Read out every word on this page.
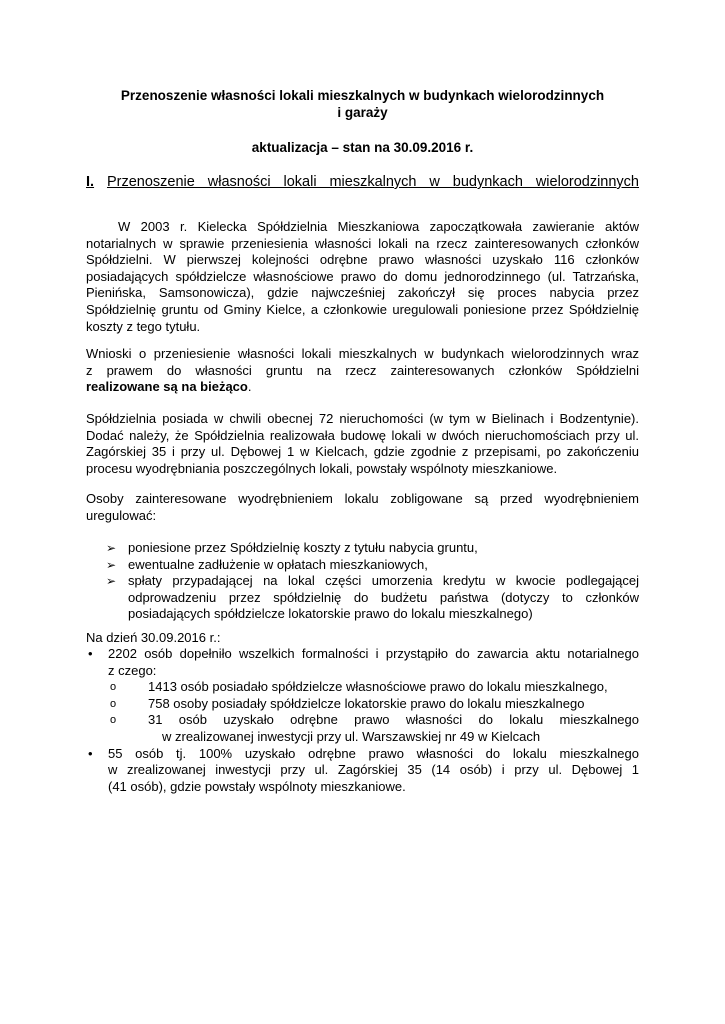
Przenoszenie własności lokali mieszkalnych w budynkach wielorodzinnych
i garaży
aktualizacja – stan na 30.09.2016 r.
I. Przenoszenie własności lokali mieszkalnych w budynkach wielorodzinnych
W 2003 r. Kielecka Spółdzielnia Mieszkaniowa zapoczątkowała zawieranie aktów
notarialnych w sprawie przeniesienia własności lokali na rzecz zainteresowanych członków
Spółdzielni. W pierwszej kolejności odrębne prawo własności uzyskało 116 członków
posiadających spółdzielcze własnościowe prawo do domu jednorodzinnego (ul. Tatrzańska,
Pienińska, Samsonowicza), gdzie najwcześniej zakończył się proces nabycia przez
Spółdzielnię gruntu od Gminy Kielce, a członkowie uregulowali poniesione przez Spółdzielnię
koszty z tego tytułu.
Wnioski o przeniesienie własności lokali mieszkalnych w budynkach wielorodzinnych wraz
z prawem do własności gruntu na rzecz zainteresowanych członków Spółdzielni
realizowane są na bieżąco.
Spółdzielnia posiada w chwili obecnej 72 nieruchomości (w tym w Bielinach i Bodzentynie).
Dodać należy, że Spółdzielnia realizowała budowę lokali w dwóch nieruchomościach przy ul.
Zagórskiej 35 i przy ul. Dębowej 1 w Kielcach, gdzie zgodnie z przepisami, po zakończeniu
procesu wyodrębniania poszczególnych lokali, powstały wspólnoty mieszkaniowe.
Osoby zainteresowane wyodrębnieniem lokalu zobligowane są przed wyodrębnieniem
uregulować:
➢ poniesione przez Spółdzielnię koszty z tytułu nabycia gruntu,
➢ ewentualne zadłużenie w opłatach mieszkaniowych,
➢ spłaty przypadającej na lokal części umorzenia kredytu w kwocie podlegającej
odprowadzeniu przez spółdzielnię do budżetu państwa (dotyczy to członków
posiadających spółdzielcze lokatorskie prawo do lokalu mieszkalnego)
Na dzień 30.09.2016 r.:
• 2202 osób dopełniło wszelkich formalności i przystąpiło do zawarcia aktu notarialnego
z czego:
o 1413 osób posiadało spółdzielcze własnościowe prawo do lokalu mieszkalnego,
o 758 osoby posiadały spółdzielcze lokatorskie prawo do lokalu mieszkalnego
o 31 osób uzyskało odrębne prawo własności do lokalu mieszkalnego
w zrealizowanej inwestycji przy ul. Warszawskiej nr 49 w Kielcach
• 55 osób tj. 100% uzyskało odrębne prawo własności do lokalu mieszkalnego
w zrealizowanej inwestycji przy ul. Zagórskiej 35 (14 osób) i przy ul. Dębowej 1
(41 osób), gdzie powstały wspólnoty mieszkaniowe.
